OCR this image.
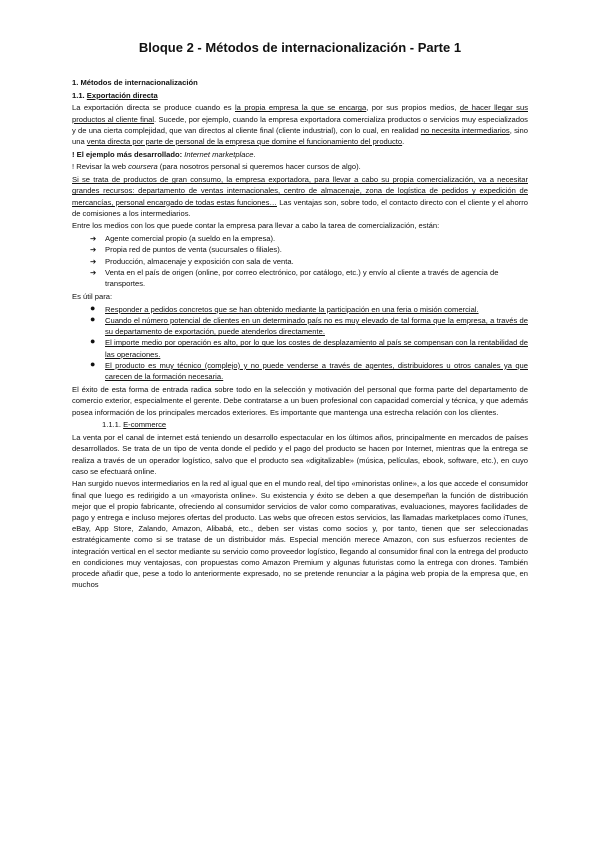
Bloque 2 - Métodos de internacionalización - Parte 1
1. Métodos de internacionalización
1.1. Exportación directa
La exportación directa se produce cuando es la propia empresa la que se encarga, por sus propios medios, de hacer llegar sus productos al cliente final. Sucede, por ejemplo, cuando la empresa exportadora comercializa productos o servicios muy especializados y de una cierta complejidad, que van directos al cliente final (cliente industrial), con lo cual, en realidad no necesita intermediarios, sino una venta directa por parte de personal de la empresa que domine el funcionamiento del producto.
! El ejemplo más desarrollado: Internet marketplace.
! Revisar la web coursera (para nosotros personal si queremos hacer cursos de algo).
Si se trata de productos de gran consumo, la empresa exportadora, para llevar a cabo su propia comercialización, va a necesitar grandes recursos: departamento de ventas internacionales, centro de almacenaje, zona de logística de pedidos y expedición de mercancías, personal encargado de todas estas funciones… Las ventajas son, sobre todo, el contacto directo con el cliente y el ahorro de comisiones a los intermediarios.
Entre los medios con los que puede contar la empresa para llevar a cabo la tarea de comercialización, están:
➔ Agente comercial propio (a sueldo en la empresa).
➔ Propia red de puntos de venta (sucursales o filiales).
➔ Producción, almacenaje y exposición con sala de venta.
➔ Venta en el país de origen (online, por correo electrónico, por catálogo, etc.) y envío al cliente a través de agencia de transportes.
Es útil para:
● Responder a pedidos concretos que se han obtenido mediante la participación en una feria o misión comercial.
● Cuando el número potencial de clientes en un determinado país no es muy elevado de tal forma que la empresa, a través de su departamento de exportación, puede atenderlos directamente.
● El importe medio por operación es alto, por lo que los costes de desplazamiento al país se compensan con la rentabilidad de las operaciones.
● El producto es muy técnico (complejo) y no puede venderse a través de agentes, distribuidores u otros canales ya que carecen de la formación necesaria.
El éxito de esta forma de entrada radica sobre todo en la selección y motivación del personal que forma parte del departamento de comercio exterior, especialmente el gerente. Debe contratarse a un buen profesional con capacidad comercial y técnica, y que además posea información de los principales mercados exteriores. Es importante que mantenga una estrecha relación con los clientes.
1.1.1. E-commerce
La venta por el canal de internet está teniendo un desarrollo espectacular en los últimos años, principalmente en mercados de países desarrollados. Se trata de un tipo de venta donde el pedido y el pago del producto se hacen por Internet, mientras que la entrega se realiza a través de un operador logístico, salvo que el producto sea «digitalizable» (música, películas, ebook, software, etc.), en cuyo caso se efectuará online.
Han surgido nuevos intermediarios en la red al igual que en el mundo real, del tipo «minoristas online», a los que accede el consumidor final que luego es redirigido a un «mayorista online». Su existencia y éxito se deben a que desempeñan la función de distribución mejor que el propio fabricante, ofreciendo al consumidor servicios de valor como comparativas, evaluaciones, mayores facilidades de pago y entrega e incluso mejores ofertas del producto. Las webs que ofrecen estos servicios, las llamadas marketplaces como iTunes, eBay, App Store, Zalando, Amazon, Alibabá, etc., deben ser vistas como socios y, por tanto, tienen que ser seleccionadas estratégicamente como si se tratase de un distribuidor más. Especial mención merece Amazon, con sus esfuerzos recientes de integración vertical en el sector mediante su servicio como proveedor logístico, llegando al consumidor final con la entrega del producto en condiciones muy ventajosas, con propuestas como Amazon Premium y algunas futuristas como la entrega con drones. También procede añadir que, pese a todo lo anteriormente expresado, no se pretende renunciar a la página web propia de la empresa que, en muchos
